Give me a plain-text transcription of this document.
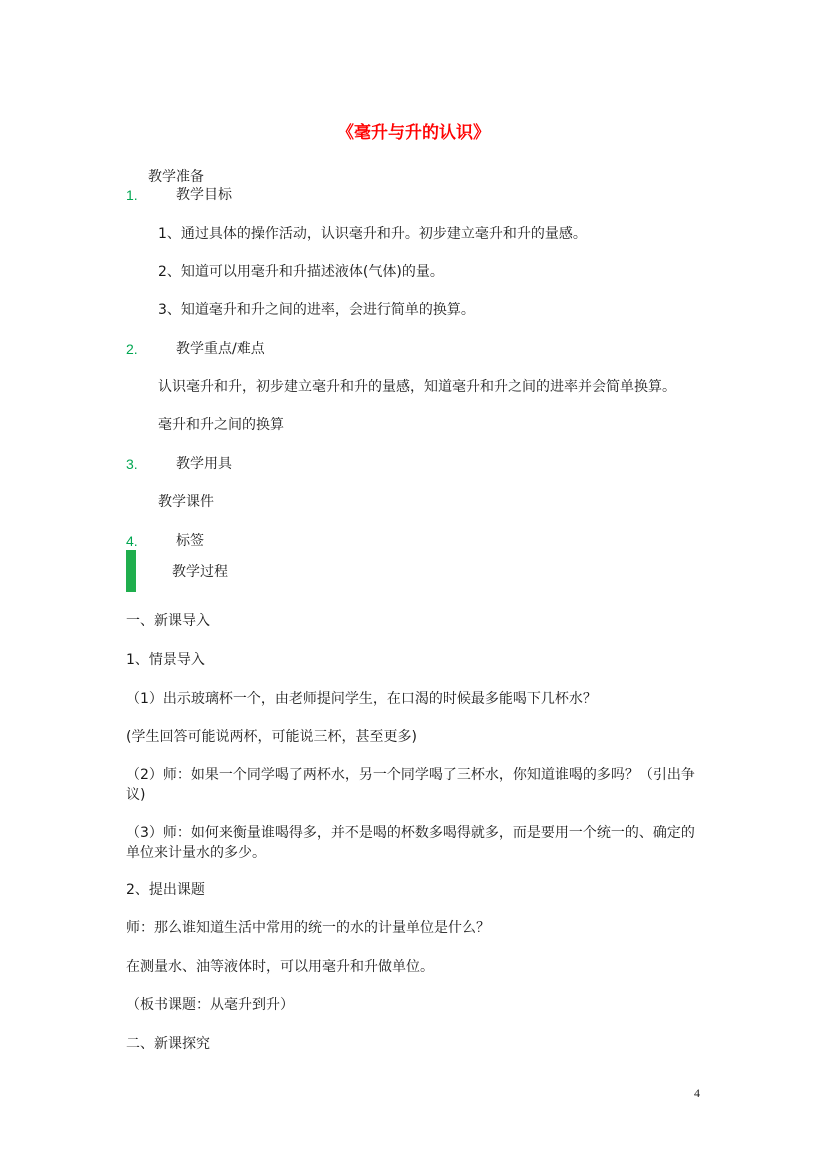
《毫升与升的认识》
教学准备
1.	教学目标
1、通过具体的操作活动，认识毫升和升。初步建立毫升和升的量感。
2、知道可以用毫升和升描述液体(气体)的量。
3、知道毫升和升之间的进率，会进行简单的换算。
2.	教学重点/难点
认识毫升和升，初步建立毫升和升的量感，知道毫升和升之间的进率并会简单换算。
毫升和升之间的换算
3.	教学用具
教学课件
4.	标签
教学过程
一、新课导入
1、情景导入
（1）出示玻璃杯一个，由老师提问学生，在口渴的时候最多能喝下几杯水？
(学生回答可能说两杯，可能说三杯，甚至更多)
（2）师：如果一个同学喝了两杯水，另一个同学喝了三杯水，你知道谁喝的多吗？（引出争议)
（3）师：如何来衡量谁喝得多，并不是喝的杯数多喝得就多，而是要用一个统一的、确定的单位来计量水的多少。
2、提出课题
师：那么谁知道生活中常用的统一的水的计量单位是什么？
在测量水、油等液体时，可以用毫升和升做单位。
（板书课题：从毫升到升）
二、新课探究
4
